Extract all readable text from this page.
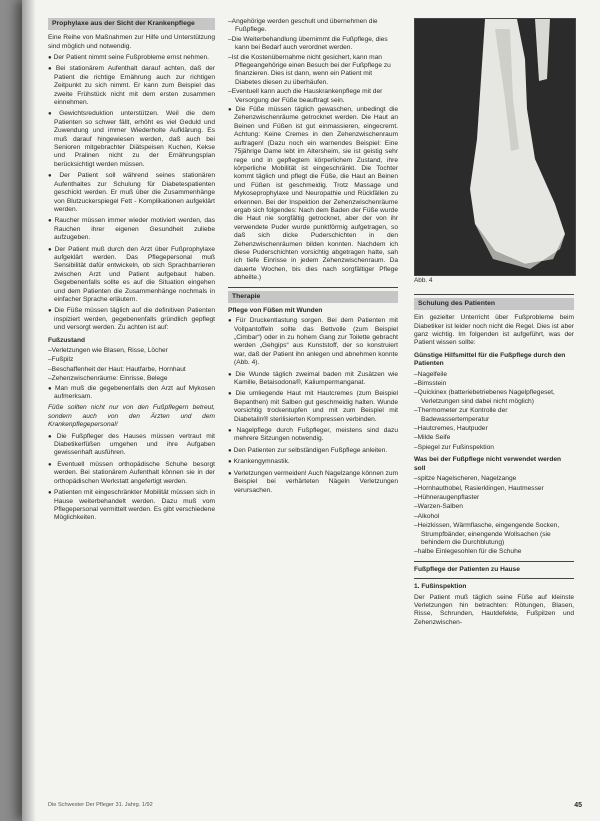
Prophylaxe aus der Sicht der Krankenpflege

Eine Reihe von Maßnahmen zur Hilfe und Unterstützung sind möglich und notwendig.

● Der Patient nimmt seine Fußprobleme ernst nehmen.
● Bei stationärem Aufenthalt darauf achten, daß der Patient die richtige Ernährung auch zur richtigen Zeitpunkt zu sich nimmt. Er kann zum Beispiel das zweite Frühstück nicht mit dem ersten zusammen einnehmen.
● Gewichtsreduktion unterstützen. Weil die dem Patienten so schwer fällt, erhöht es viel Geduld und Zuwendung und immer Wiederholte Aufklärung. Es muß darauf hingewiesen werden, daß auch bei Senioren mitgebrachter Diätspeisen Kuchen, Kekse und Pralinen nicht zu der Ernährungsplan berücksichtigt werden müssen.
● Der Patient soll während seines stationären Aufenthaltes zur Schulung für Diabetespatienten geschickt werden. Er muß über die Zusammenhänge von Blutzuckerspiegel Fett - Komplikationen aufgeklärt werden.
● Raucher müssen immer wieder motiviert werden, das Rauchen ihrer eigenen Gesundheit zuliebe aufzugeben.
● Der Patient muß durch den Arzt über Fußprophylaxe aufgeklärt werden. Das Pflegepersonal muß Sensibilität dafür entwickeln, ob sich Sprachbarrieren zwischen Arzt und Patient aufgebaut haben. Gegebenenfalls sollte es auf die Situation eingehen und dem Patienten die Zusammenhänge nochmals in einfacher Sprache erläutern.
● Die Füße müssen täglich auf die definitiven Patienten inspiziert werden, gegebenenfalls gründlich gepflegt und versorgt werden. Zu achten ist auf:
Fußzustand
– Verletzungen wie Blasen, Risse, Löcher
– Fußpilz
– Beschaffenheit der Haut: Hautfarbe, Hornhaut
– Zehenzwischenräume: Einrisse, Belege
● Man muß die gegebenenfalls den Arzt auf Mykosen aufmerksam.

Füße sollten nicht nur von den Fußpflegern betreut, sondern auch von den Ärzten und dem Krankenpflegepersonal!

● Die Fußpfleger des Hauses müssen vertraut mit Diabetikerfüßen umgehen und ihre Aufgaben gewissenhaft ausführen.
● Eventuell müssen orthopädische Schuhe besorgt werden. Bei stationärem Aufenthalt können sie in der orthopädischen Werkstatt angefertigt werden.
● Patienten mit eingeschränkter Mobilität müssen sich in Hause weiterbehandelt werden. Dazu muß vom Pflegepersonal vermittelt werden. Es gibt verschiedene Möglichkeiten.
– Angehörige werden geschult und übernehmen die Fußpflege.
– Die Weiterbehandlung übernimmt die Fußpflege, dies kann bei Bedarf auch verordnet werden.
– Ist die Kostenübernahme nicht gesichert, kann man Pflegeangehörige einen Besuch bei der Fußpflege zu finanzieren. Dies ist dann, wenn ein Patient mit Diabetes diesen zu überhäufen.
– Eventuell kann auch die Hauskrankenpflege mit der Versorgung der Füße beauftragt sein.
● Die Füße müssen täglich gewaschen, unbedingt die Zehenzwischenräume getrocknet werden. Die Haut an Beinen und Füßen ist gut einmassieren, eingecremt. Achtung: Keine Cremes in den Zehenzwischenraum auftragen! (Dazu noch ein warnendes Beispiel: Eine 75jährige Dame lebt im Altersheim, sie ist geistig sehr rege und in gepflegtem körperlichem Zustand, ihre körperliche Mobilität ist eingeschränkt. Die Tochter kommt täglich und pflegt die Füße, die Haut an Beinen und Füßen ist geschmeidig. Trotz Massage und Mykoseprophylaxe und Neuropathie und Rückfällen zu erkennen. Bei der Inspektion der Zehenzwischenräume ergab sich folgendes: Nach dem Baden der Füße wurde die Haut nie sorgfältig getrocknet, aber der von ihr verwendete Puder wurde punktförmig aufgetragen, so daß sich dicke Puderschichten in den Zehenzwischenräumen bilden konnten. Nachdem ich diese Puderschichten vorsichtig abgetragen hatte, sah ich tiefe Einrisse in jedem Zehenzwischenraum. Da dauerte Wochen, bis dies nach sorgfältiger Pflege abheilte.)
Therapie
Pflege von Füßen mit Wunden
● Für Druckentlastung sorgen. Bei dem Patienten mit Vollpantoffeln sollte das Bettvolle (zum Beispiel „Cimbar“) oder in zu hohem Gang zur Toilette gebracht werden „Gehgips“ aus Kunststoff, der so konstruiert war, daß der Patient ihn anlegen und abnehmen konnte (Abb. 4).
● Die Wunde täglich zweimal baden mit Zusätzen wie Kamille, Betaisodona®, Kaliumpermanganat.
● Die umliegende Haut mit Hautcremes (zum Beispiel Bepanthen) mit Salben gut geschmeidig halten. Wunde vorsichtig trockentupfen und mit zum Beispiel mit Diabetalin® sterilisierten Kompressen verbinden.
● Nagelpflege durch Fußpfleger, meistens sind dazu mehrere Sitzungen notwendig.
● Den Patienten zur selbständigen Fußpflege anleiten.
● Krankengymnastik.
● Verletzungen vermeiden! Auch Nagelzange können zum Beispiel bei verhärteten Nägeln Verletzungen verursachen.
Abb. 4
Schulung des Patienten

Ein gezielter Unterricht über Fußprobleme beim Diabetiker ist leider noch nicht die Regel. Dies ist aber ganz wichtig. Im folgenden ist aufgeführt, was der Patient wissen sollte:

Günstige Hilfsmittel für die Fußpflege durch den Patienten
– Nagelfeile
– Bimsstein
– Quickinex (batteriebetriebenes Nagelpflegeset, Verletzungen sind dabei nicht möglich)
– Thermometer zur Kontrolle der Badewassertemperatur
– Hautcremes, Hautpuder
– Milde Seife
– Spiegel zur Fußinspektion
Was bei der Fußpflege nicht verwendet werden soll
– spitze Nagelscheren, Nagelzange
– Hornhauthobel, Rasierklingen, Hautmesser
– Hühneraugenpflaster
– Warzen-Salben
– Alkohol
– Heizkissen, Wärmflasche, eingengende Socken, Strumpfbänder, einengende Wollsachen (sie behindern die Durchblutung)
– halbe Einlegesohlen für die Schuhe
Fußpflege der Patienten zu Hause
1. Fußinspektion

Der Patient muß täglich seine Füße auf kleinste Verletzungen hin betrachten: Rötungen, Blasen, Risse, Schrunden, Hautdefekte, Fußpilzen und Zehenzwischen-

Die Schwester Der Pfleger 31. Jahrg. 1/92	45
